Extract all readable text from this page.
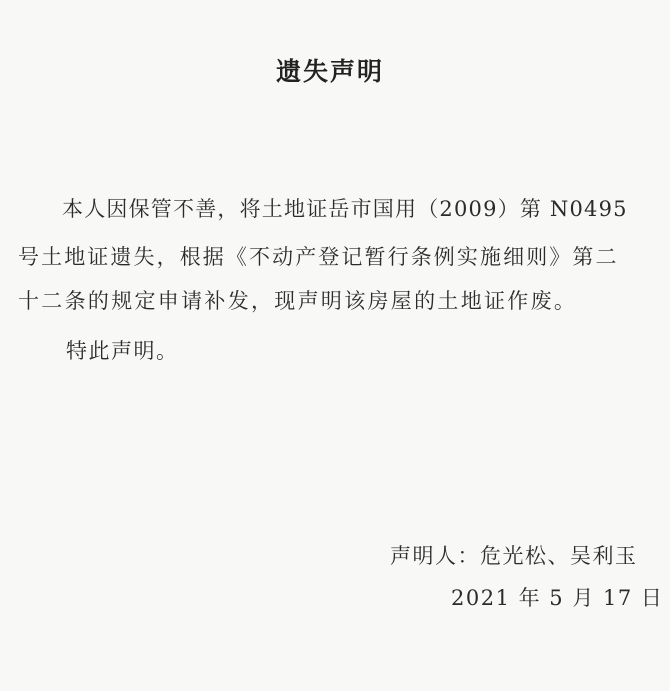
遗失声明
本人因保管不善，将土地证岳市国用（2009）第 N0495
号土地证遗失，根据《不动产登记暂行条例实施细则》第二
十二条的规定申请补发，现声明该房屋的土地证作废。
特此声明。
声明人：危光松、吴利玉
2021 年 5 月 17 日
